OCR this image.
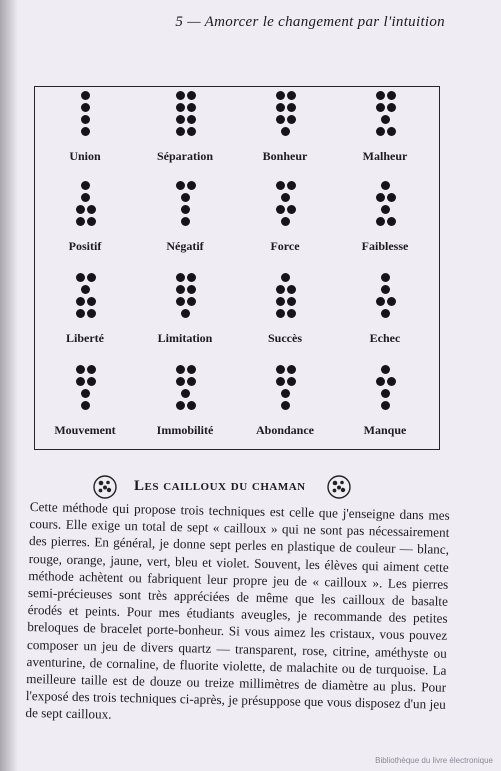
5 — Amorcer le changement par l'intuition
Union	Séparation	Bonheur	Malheur
Positif	Négatif	Force	Faiblesse
Liberté	Limitation	Succès	Echec
Mouvement	Immobilité	Abondance	Manque
Les cailloux du chaman

Cette méthode qui propose trois techniques est celle que j'enseigne dans mes cours. Elle exige un total de sept « cailloux » qui ne sont pas nécessairement des pierres. En général, je donne sept perles en plastique de couleur — blanc, rouge, orange, jaune, vert, bleu et violet. Souvent, les élèves qui aiment cette méthode achètent ou fabriquent leur propre jeu de « cailloux ». Les pierres semi-précieuses sont très appréciées de même que les cailloux de basalte érodés et peints. Pour mes étudiants aveugles, je recommande des petites breloques de bracelet porte-bonheur. Si vous aimez les cristaux, vous pouvez composer un jeu de divers quartz — transparent, rose, citrine, améthyste ou aventurine, de cornaline, de fluorite violette, de malachite ou de turquoise. La meilleure taille est de douze ou treize millimètres de diamètre au plus. Pour l'exposé des trois techniques ci-après, je présuppose que vous disposez d'un jeu de sept cailloux.

Bibliothèque du livre électronique
